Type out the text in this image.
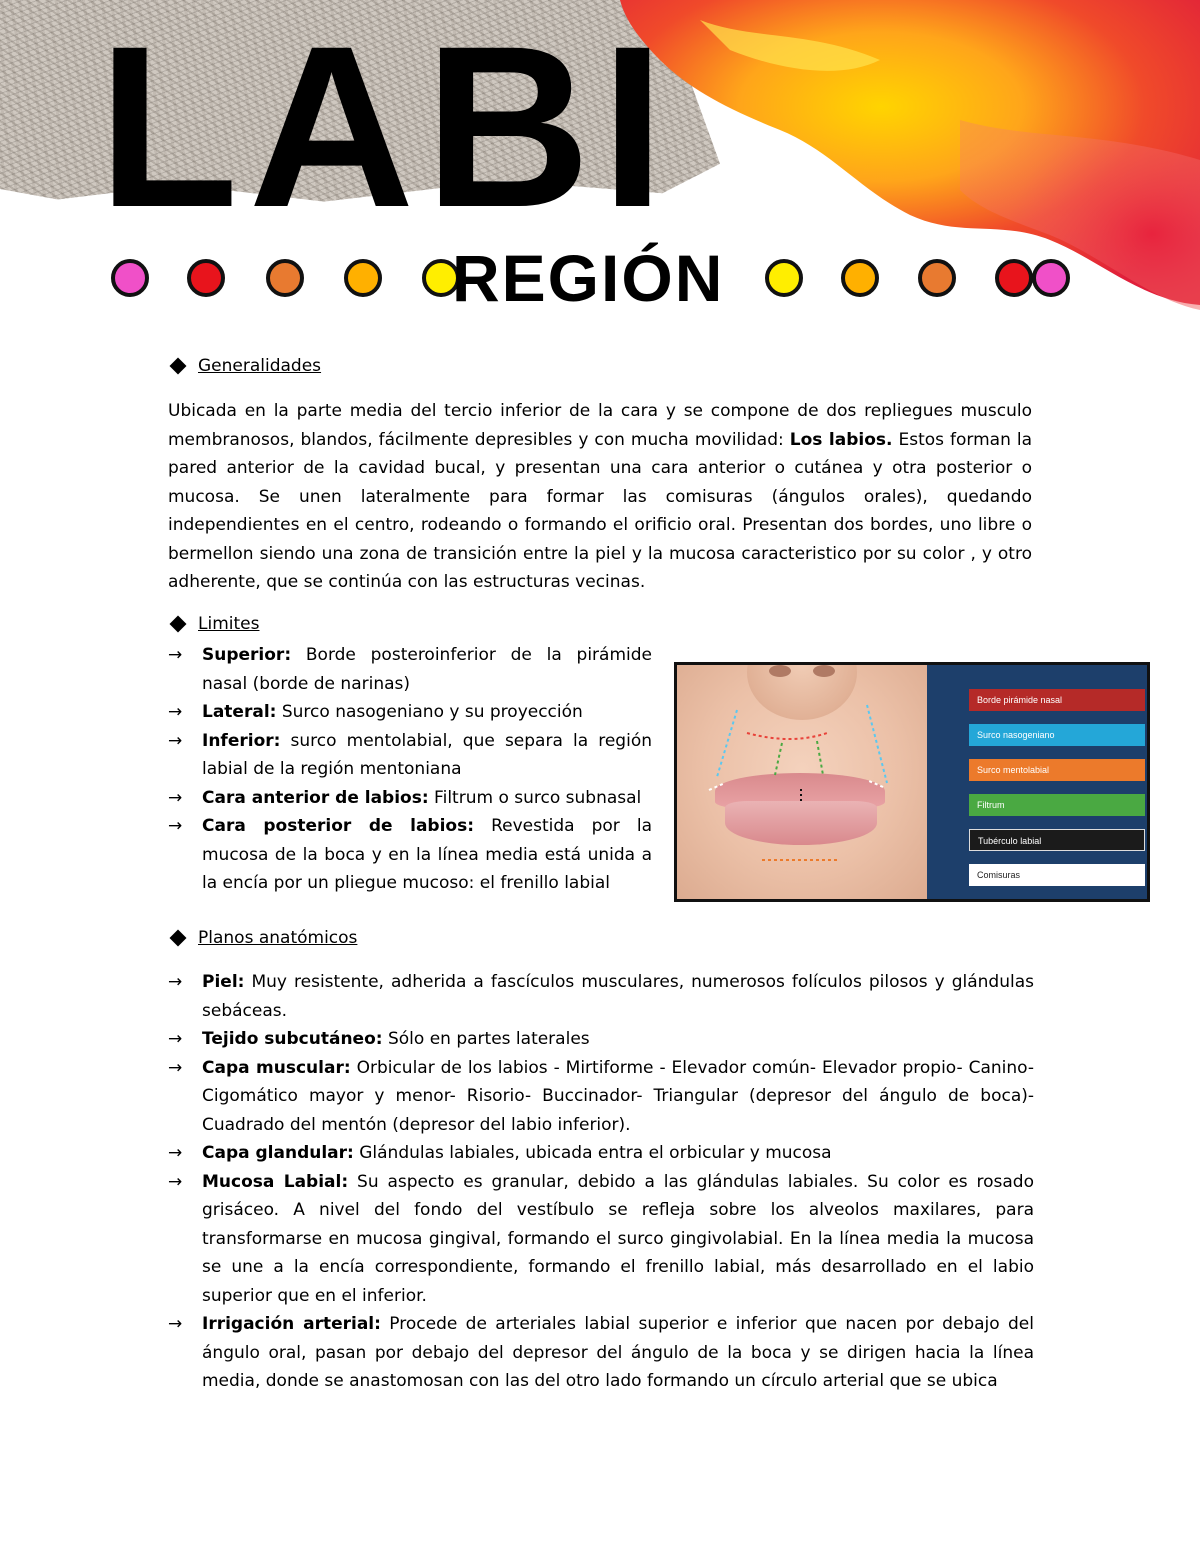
LABI
REGIÓN
Generalidades

Ubicada en la parte media del tercio inferior de la cara y se compone de dos repliegues musculo membranosos, blandos, fácilmente depresibles y con mucha movilidad: Los labios. Estos forman la pared anterior de la cavidad bucal, y presentan una cara anterior o cutánea y otra posterior o mucosa. Se unen lateralmente para formar las comisuras (ángulos orales), quedando independientes en el centro, rodeando o formando el orificio oral. Presentan dos bordes, uno libre o bermellon siendo una zona de transición entre la piel y la mucosa caracteristico por su color , y otro adherente, que se continúa con las estructuras vecinas.

Limites
→	Superior: Borde posteroinferior de la pirámide nasal (borde de narinas)
→	Lateral: Surco nasogeniano y su proyección
→	Inferior: surco mentolabial, que separa la región labial de la región mentoniana
→	Cara anterior de labios: Filtrum o surco subnasal
→	Cara posterior de labios: Revestida por la mucosa de la boca y en la línea media está unida a la encía por un pliegue mucoso: el frenillo labial
Borde pirámide nasal
Surco nasogeniano
Surco mentolabial
Filtrum
Tubérculo labial
Comisuras
Planos anatómicos
→	Piel: Muy resistente, adherida a fascículos musculares, numerosos folículos pilosos y glándulas sebáceas.
→	Tejido subcutáneo: Sólo en partes laterales
→	Capa muscular: Orbicular de los labios - Mirtiforme - Elevador común- Elevador propio- Canino- Cigomático mayor y menor- Risorio- Buccinador- Triangular (depresor del ángulo de boca)- Cuadrado del mentón (depresor del labio inferior).
→	Capa glandular: Glándulas labiales, ubicada entra el orbicular y mucosa
→	Mucosa Labial: Su aspecto es granular, debido a las glándulas labiales. Su color es rosado grisáceo. A nivel del fondo del vestíbulo se refleja sobre los alveolos maxilares, para transformarse en mucosa gingival, formando el surco gingivolabial. En la línea media la mucosa se une a la encía correspondiente, formando el frenillo labial, más desarrollado en el labio superior que en el inferior.
→	Irrigación arterial: Procede de arteriales labial superior e inferior que nacen por debajo del ángulo oral, pasan por debajo del depresor del ángulo de la boca y se dirigen hacia la línea media, donde se anastomosan con las del otro lado formando un círculo arterial que se ubica
